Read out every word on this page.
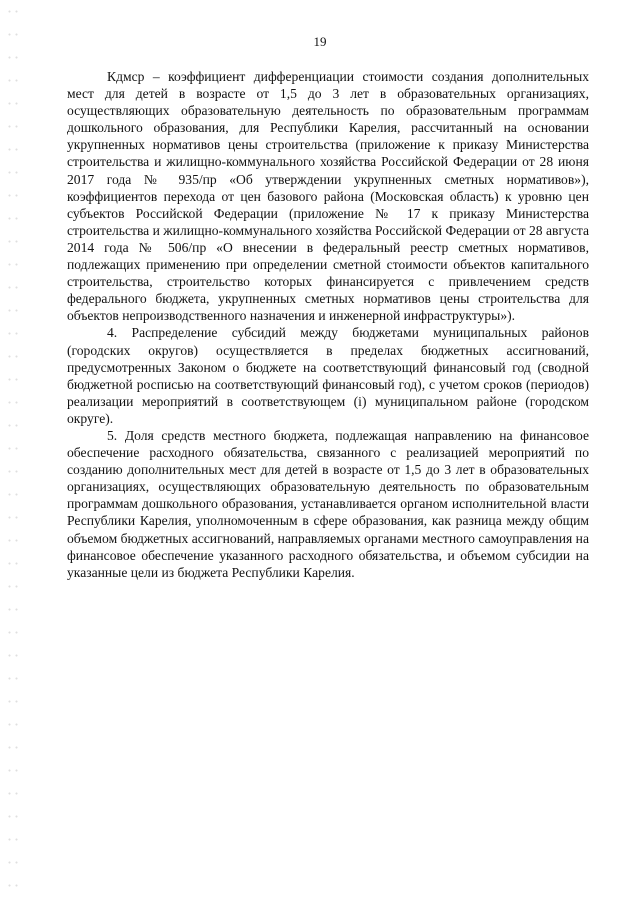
19

Кдмср – коэффициент дифференциации стоимости создания дополнительных мест для детей в возрасте от 1,5 до 3 лет в образовательных организациях, осуществляющих образовательную деятельность по образовательным программам дошкольного образования, для Республики Карелия, рассчитанный на основании укрупненных нормативов цены строительства (приложение к приказу Министерства строительства и жилищно-коммунального хозяйства Российской Федерации от 28 июня 2017 года № 935/пр «Об утверждении укрупненных сметных нормативов»), коэффициентов перехода от цен базового района (Московская область) к уровню цен субъектов Российской Федерации (приложение № 17 к приказу Министерства строительства и жилищно-коммунального хозяйства Российской Федерации от 28 августа 2014 года № 506/пр «О внесении в федеральный реестр сметных нормативов, подлежащих применению при определении сметной стоимости объектов капитального строительства, строительство которых финансируется с привлечением средств федерального бюджета, укрупненных сметных нормативов цены строительства для объектов непроизводственного назначения и инженерной инфраструктуры»).

4. Распределение субсидий между бюджетами муниципальных районов (городских округов) осуществляется в пределах бюджетных ассигнований, предусмотренных Законом о бюджете на соответствующий финансовый год (сводной бюджетной росписью на соответствующий финансовый год), с учетом сроков (периодов) реализации мероприятий в соответствующем (i) муниципальном районе (городском округе).

5. Доля средств местного бюджета, подлежащая направлению на финансовое обеспечение расходного обязательства, связанного с реализацией мероприятий по созданию дополнительных мест для детей в возрасте от 1,5 до 3 лет в образовательных организациях, осуществляющих образовательную деятельность по образовательным программам дошкольного образования, устанавливается органом исполнительной власти Республики Карелия, уполномоченным в сфере образования, как разница между общим объемом бюджетных ассигнований, направляемых органами местного самоуправления на финансовое обеспечение указанного расходного обязательства, и объемом субсидии на указанные цели из бюджета Республики Карелия.
